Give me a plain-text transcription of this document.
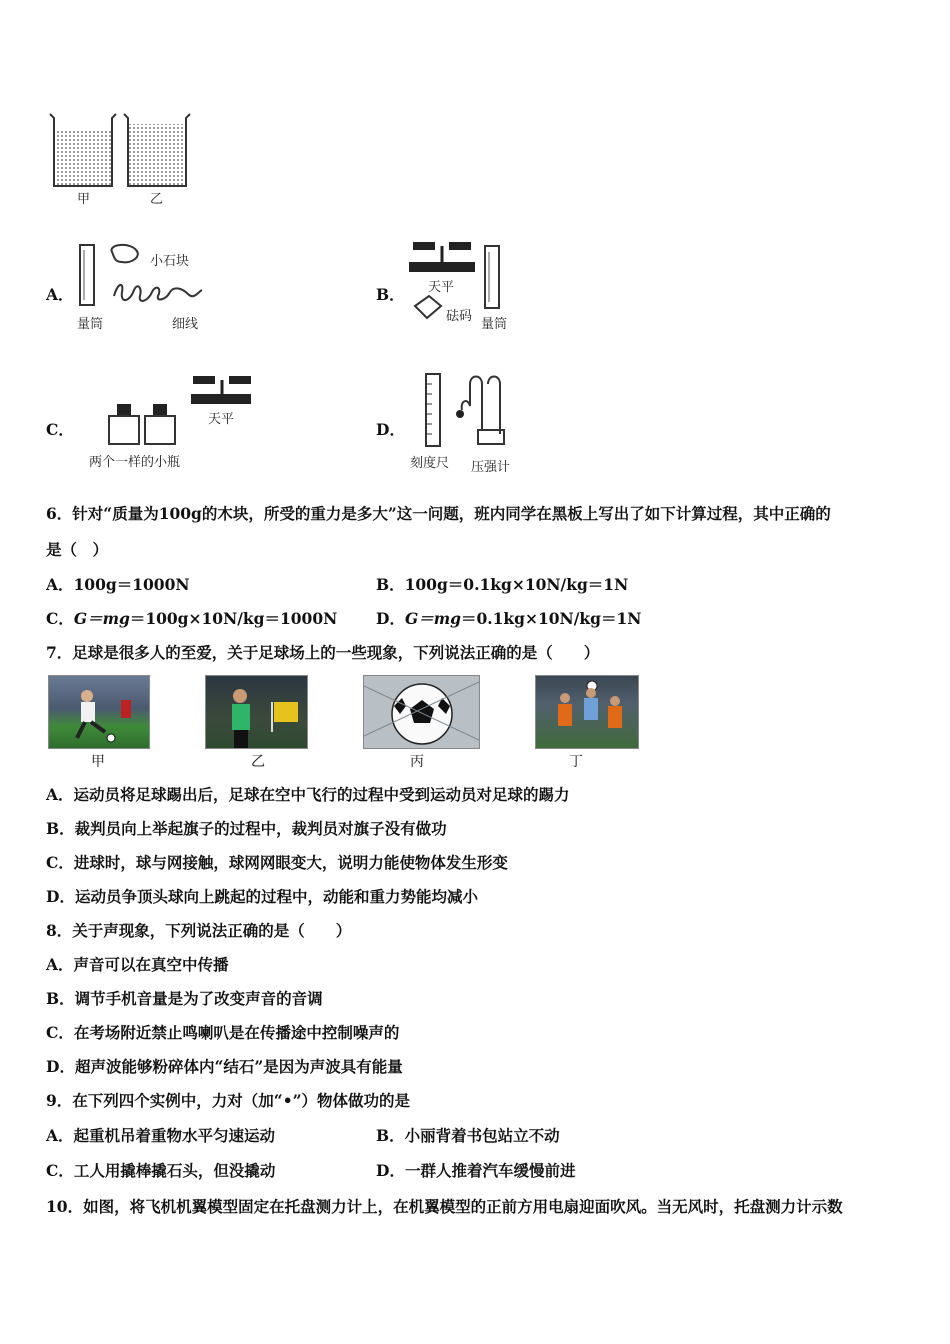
甲	乙
A．
小石块
量筒	细线
B． 天平
砝码
量筒
C．
天平
两个一样的小瓶
D．
刻度尺 压强计
6．针对“质量为100g的木块，所受的重力是多大”这一问题，班内同学在黑板上写出了如下计算过程，其中正确的
是（　）
A．100g＝1000N	B．100g＝0.1kg×10N/kg＝1N
C．G＝mg＝100g×10N/kg＝1000N D．G＝mg＝0.1kg×10N/kg＝1N
7．足球是很多人的至爱，关于足球场上的一些现象，下列说法正确的是（　　）
甲	乙	丙	丁
A．运动员将足球踢出后，足球在空中飞行的过程中受到运动员对足球的踢力
B．裁判员向上举起旗子的过程中，裁判员对旗子没有做功
C．进球时，球与网接触，球网网眼变大，说明力能使物体发生形变
D．运动员争顶头球向上跳起的过程中，动能和重力势能均减小
8．关于声现象，下列说法正确的是（　　）
A．声音可以在真空中传播
B．调节手机音量是为了改变声音的音调
C．在考场附近禁止鸣喇叭是在传播途中控制噪声的
D．超声波能够粉碎体内“结石”是因为声波具有能量
9．在下列四个实例中，力对（加“•”）物体做功的是
A．起重机吊着重物水平匀速运动	B．小丽背着书包站立不动
C．工人用撬棒撬石头，但没撬动	D．一群人推着汽车缓慢前进
10．如图，将飞机机翼模型固定在托盘测力计上，在机翼模型的正前方用电扇迎面吹风。当无风时，托盘测力计示数
